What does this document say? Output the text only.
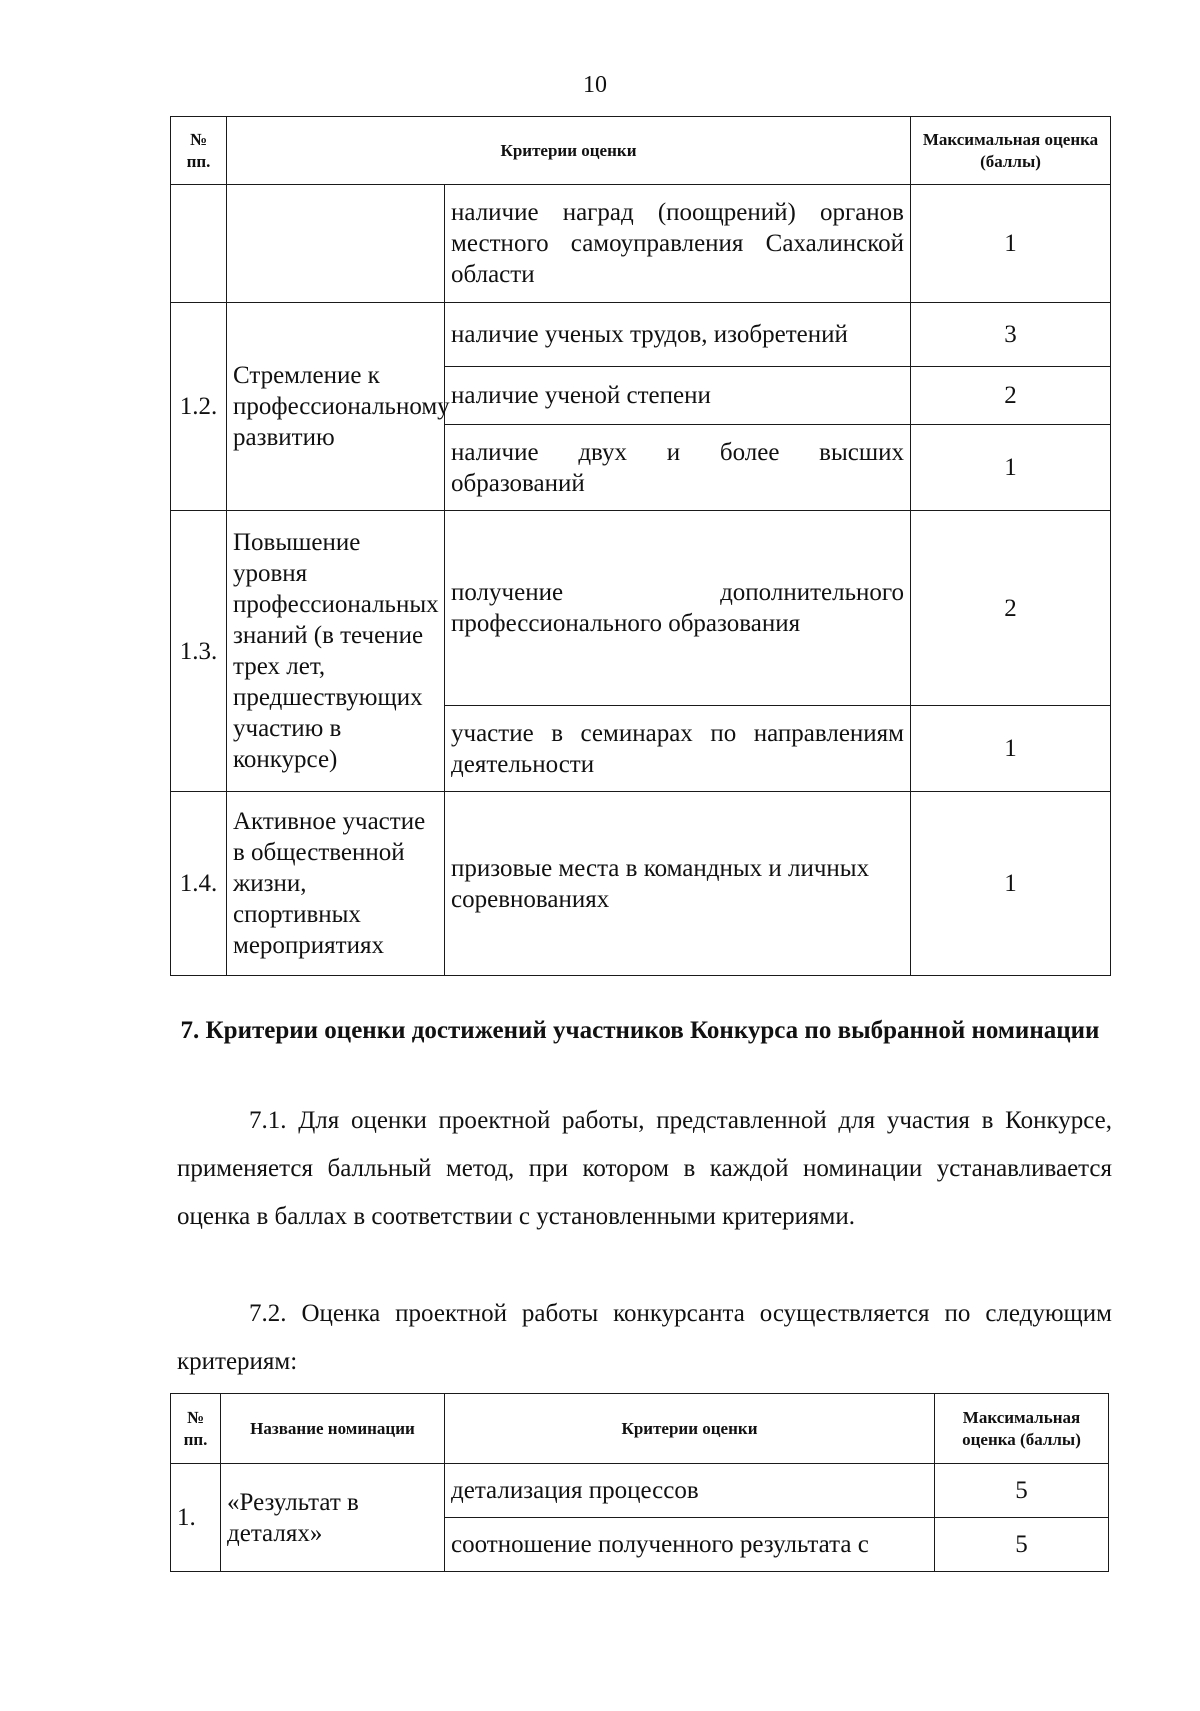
10
№ пп.	Критерии оценки		Максимальная оценка (баллы)
		наличие наград (поощрений) органов местного самоуправления Сахалинской области	1
1.2.	Стремление к профессиональному развитию	наличие ученых трудов, изобретений	3
		наличие ученой степени	2
		наличие двух и более высших образований	1
1.3.	Повышение уровня профессиональных знаний (в течение трех лет, предшествующих участию в конкурсе)	получение дополнительного профессионального образования	2
		участие в семинарах по направлениям деятельности	1
1.4.	Активное участие в общественной жизни, спортивных мероприятиях	призовые места в командных и личных соревнованиях	1
7. Критерии оценки достижений участников Конкурса по выбранной номинации

7.1. Для оценки проектной работы, представленной для участия в Конкурсе, применяется балльный метод, при котором в каждой номинации устанавливается оценка в баллах в соответствии с установленными критериями.

7.2. Оценка проектной работы конкурсанта осуществляется по следующим критериям:

№ пп.	Название номинации	Критерии оценки	Максимальная оценка (баллы)
1.	«Результат в деталях»	детализация процессов	5
		соотношение полученного результата с	5
